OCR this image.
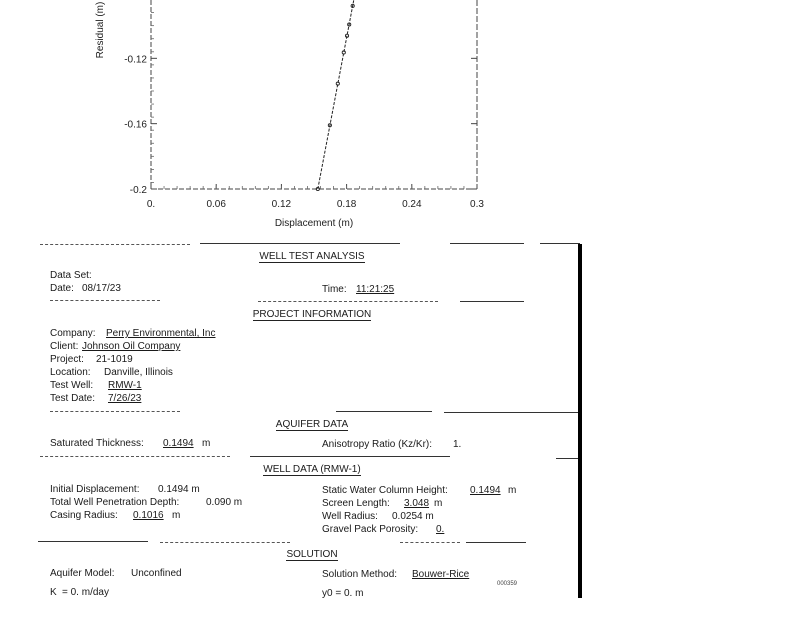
0.	0.06	0.12	0.18	0.24	0.3
-0.12
-0.16
-0.2
Displacement (m)
Residual (m)
WELL TEST ANALYSIS
Data Set:
Date: 08/17/23	Time: 11:21:25
PROJECT INFORMATION
Company: Perry Environmental, Inc
Client: Johnson Oil Company
Project: 21-1019
Location: Danville, Illinois
Test Well: RMW-1
Test Date: 7/26/23
AQUIFER DATA
Saturated Thickness: 0.1494 m	Anisotropy Ratio (Kz/Kr): 1.
WELL DATA (RMW-1)
Initial Displacement: 0.1494 m
Total Well Penetration Depth:	0.090 m
Casing Radius: 0.1016 m
Static Water Column Height: 0.1494 m
Screen Length: 3.048 m
Well Radius: 0.0254 m
Gravel Pack Porosity: 0.
SOLUTION
Aquifer Model: Unconfined	Solution Method: Bouwer-Rice
000359
K = 0. m/day	y0 = 0. m
